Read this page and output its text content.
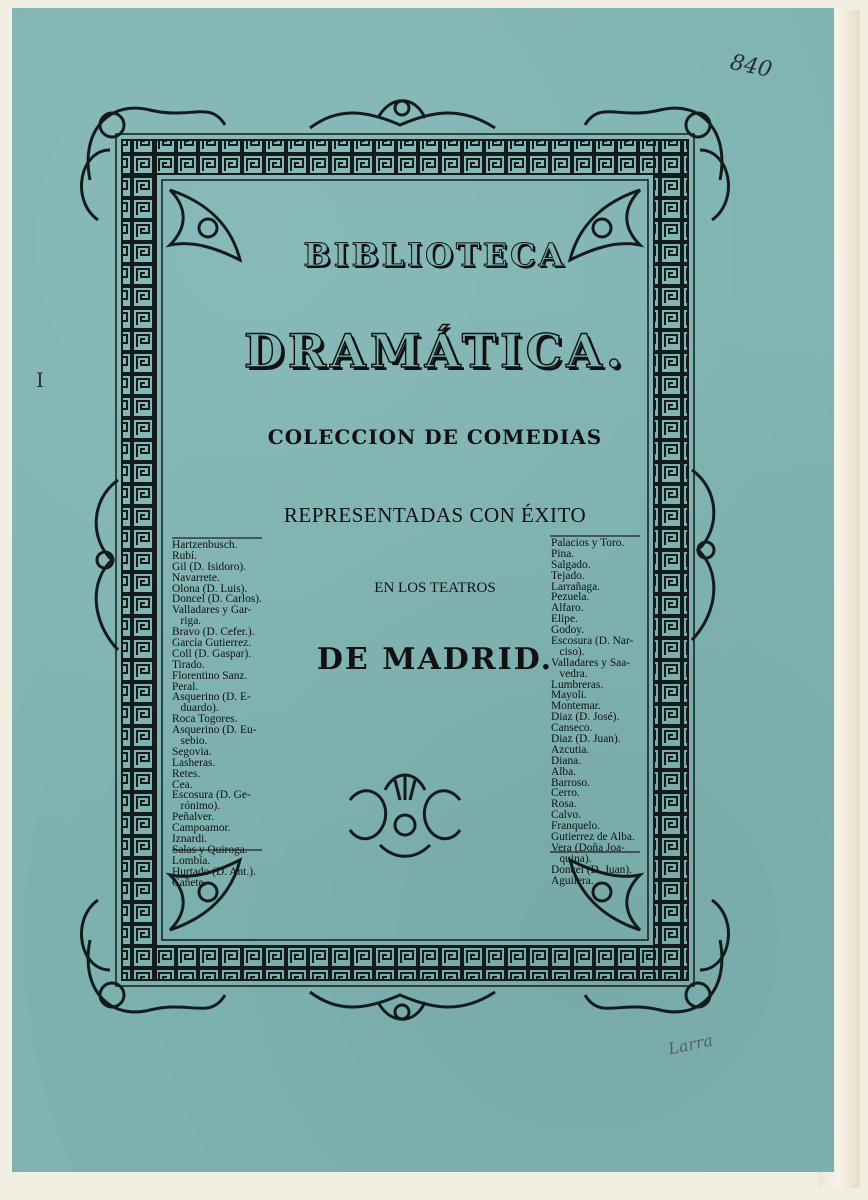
840
Larra
I
BIBLIOTECA
DRAMÁTICA.
COLECCION DE COMEDIAS
REPRESENTADAS CON ÉXITO
EN LOS TEATROS
DE MADRID.
Hartzenbusch.
Rubí.
Gil (D. Isidoro).
Navarrete.
Olona (D. Luis).
Doncel (D. Carlos).
Valladares y Gar-
riga.
Bravo (D. Cefer.).
García Gutierrez.
Coll (D. Gaspar).
Tirado.
Florentino Sanz.
Peral.
Asquerino (D. E-
duardo).
Roca Togores.
Asquerino (D. Eu-
sebio.
Segovia.
Lasheras.
Retes.
Cea.
Escosura (D. Ge-
rónimo).
Peñalver.
Campoamor.
Iznardi.
Salas y Quiroga.
Lombía.
Hurtado (D. Ant.).
Cañete.
Palacios y Toro.
Pina.
Salgado.
Tejado.
Larrañaga.
Pezuela.
Alfaro.
Elipe.
Godoy.
Escosura (D. Nar-
ciso).
Valladares y Saa-
vedra.
Lumbreras.
Mayoli.
Montemar.
Diaz (D. José).
Canseco.
Diaz (D. Juan).
Azcutia.
Diana.
Alba.
Barroso.
Cerro.
Rosa.
Calvo.
Franquelo.
Gutierrez de Alba.
Vera (Doña Joa-
quina).
Doncel (D. Juan).
Aguilera.
